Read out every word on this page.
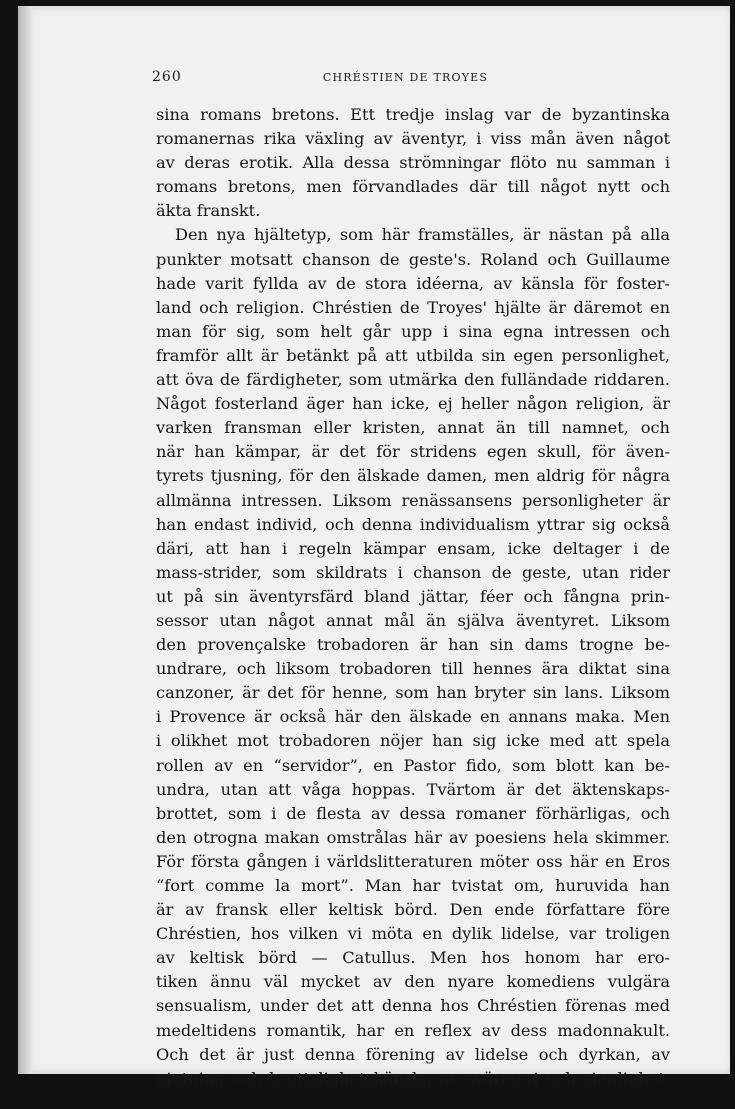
260	CHRÉSTIEN DE TROYES
sina romans bretons. Ett tredje inslag var de byzantinska
romanernas rika växling av äventyr, i viss mån även något
av deras erotik. Alla dessa strömningar flöto nu samman i
romans bretons, men förvandlades där till något nytt och
äkta franskt.
Den nya hjältetyp, som här framställes, är nästan på alla
punkter motsatt chanson de geste's. Roland och Guillaume
hade varit fyllda av de stora idéerna, av känsla för foster-
land och religion. Chréstien de Troyes' hjälte är däremot en
man för sig, som helt går upp i sina egna intressen och
framför allt är betänkt på att utbilda sin egen personlighet,
att öva de färdigheter, som utmärka den fulländade riddaren.
Något fosterland äger han icke, ej heller någon religion, är
varken fransman eller kristen, annat än till namnet, och
när han kämpar, är det för stridens egen skull, för även-
tyrets tjusning, för den älskade damen, men aldrig för några
allmänna intressen. Liksom renässansens personligheter är
han endast individ, och denna individualism yttrar sig också
däri, att han i regeln kämpar ensam, icke deltager i de
mass-strider, som skildrats i chanson de geste, utan rider
ut på sin äventyrsfärd bland jättar, féer och fångna prin-
sessor utan något annat mål än själva äventyret. Liksom
den provençalske trobadoren är han sin dams trogne be-
undrare, och liksom trobadoren till hennes ära diktat sina
canzoner, är det för henne, som han bryter sin lans. Liksom
i Provence är också här den älskade en annans maka. Men
i olikhet mot trobadoren nöjer han sig icke med att spela
rollen av en “servidor”, en Pastor fido, som blott kan be-
undra, utan att våga hoppas. Tvärtom är det äktenskaps-
brottet, som i de flesta av dessa romaner förhärligas, och
den otrogna makan omstrålas här av poesiens hela skimmer.
För första gången i världslitteraturen möter oss här en Eros
“fort comme la mort”. Man har tvistat om, huruvida han
är av fransk eller keltisk börd. Den ende författare före
Chréstien, hos vilken vi möta en dylik lidelse, var troligen
av keltisk börd — Catullus. Men hos honom har ero-
tiken ännu väl mycket av den nyare komediens vulgära
sensualism, under det att denna hos Chréstien förenas med
medeltidens romantik, har en reflex av dess madonnakult.
Och det är just denna förening av lidelse och dyrkan, av
njutning och brottslighetskänsla, av svärmeri och sinnlighet,
